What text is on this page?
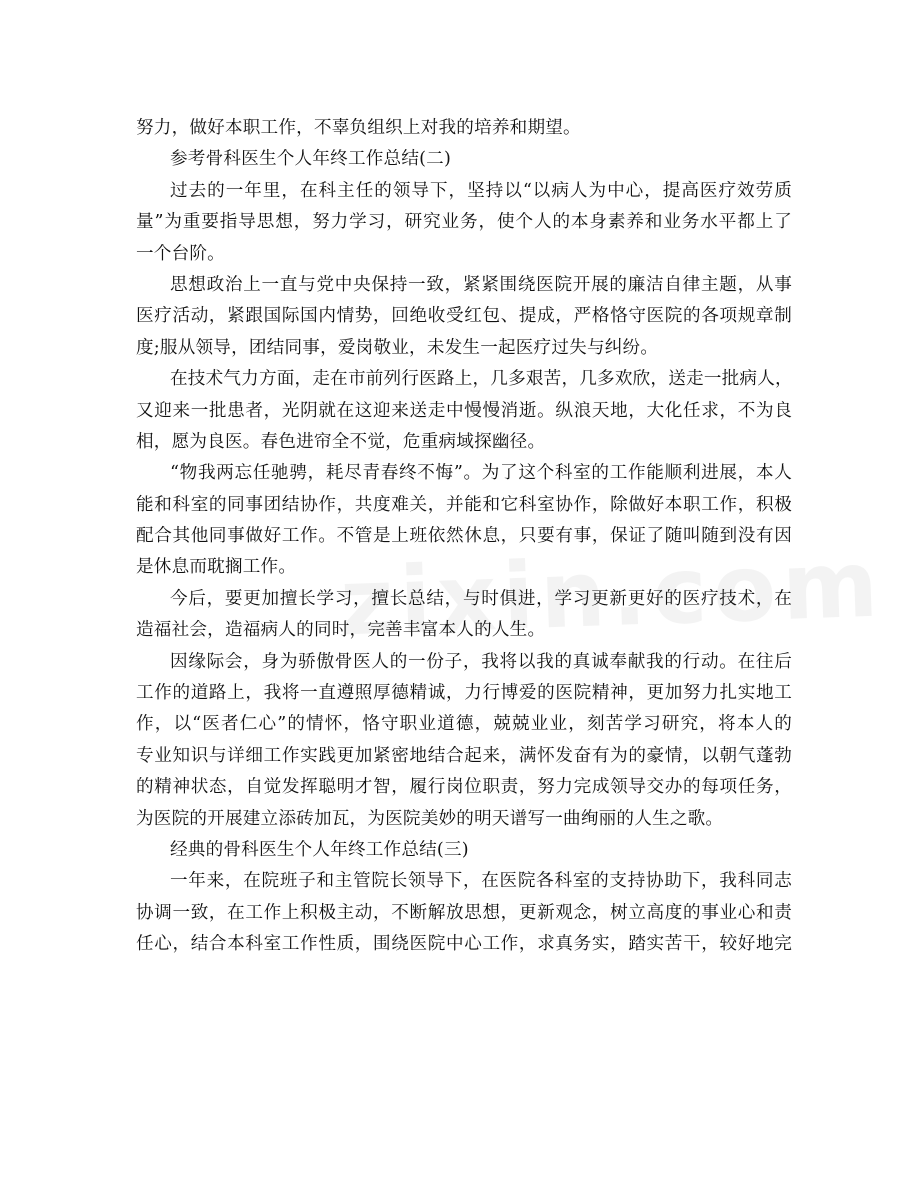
努力，做好本职工作，不辜负组织上对我的培养和期望。
参考骨科医生个人年终工作总结(二)
过去的一年里，在科主任的领导下，坚持以“以病人为中心，提高医疗效劳质
量”为重要指导思想，努力学习，研究业务，使个人的本身素养和业务水平都上了
一个台阶。
思想政治上一直与党中央保持一致，紧紧围绕医院开展的廉洁自律主题，从事
医疗活动，紧跟国际国内情势，回绝收受红包、提成，严格恪守医院的各项规章制
度;服从领导，团结同事，爱岗敬业，未发生一起医疗过失与纠纷。
在技术气力方面，走在市前列行医路上，几多艰苦，几多欢欣，送走一批病人，
又迎来一批患者，光阴就在这迎来送走中慢慢消逝。纵浪天地，大化任求，不为良
相，愿为良医。春色进帘全不觉，危重病域探幽径。
“物我两忘任驰骋，耗尽青春终不悔”。为了这个科室的工作能顺利进展，本人
能和科室的同事团结协作，共度难关，并能和它科室协作，除做好本职工作，积极
配合其他同事做好工作。不管是上班依然休息，只要有事，保证了随叫随到没有因
是休息而耽搁工作。
今后，要更加擅长学习，擅长总结，与时俱进，学习更新更好的医疗技术，在
造福社会，造福病人的同时，完善丰富本人的人生。
因缘际会，身为骄傲骨医人的一份子，我将以我的真诚奉献我的行动。在往后
工作的道路上，我将一直遵照厚德精诚，力行博爱的医院精神，更加努力扎实地工
作，以“医者仁心”的情怀，恪守职业道德，兢兢业业，刻苦学习研究，将本人的
专业知识与详细工作实践更加紧密地结合起来，满怀发奋有为的豪情，以朝气蓬勃
的精神状态，自觉发挥聪明才智，履行岗位职责，努力完成领导交办的每项任务，
为医院的开展建立添砖加瓦，为医院美妙的明天谱写一曲绚丽的人生之歌。
经典的骨科医生个人年终工作总结(三)
一年来，在院班子和主管院长领导下，在医院各科室的支持协助下，我科同志
协调一致，在工作上积极主动，不断解放思想，更新观念，树立高度的事业心和责
任心，结合本科室工作性质，围绕医院中心工作，求真务实，踏实苦干，较好地完
